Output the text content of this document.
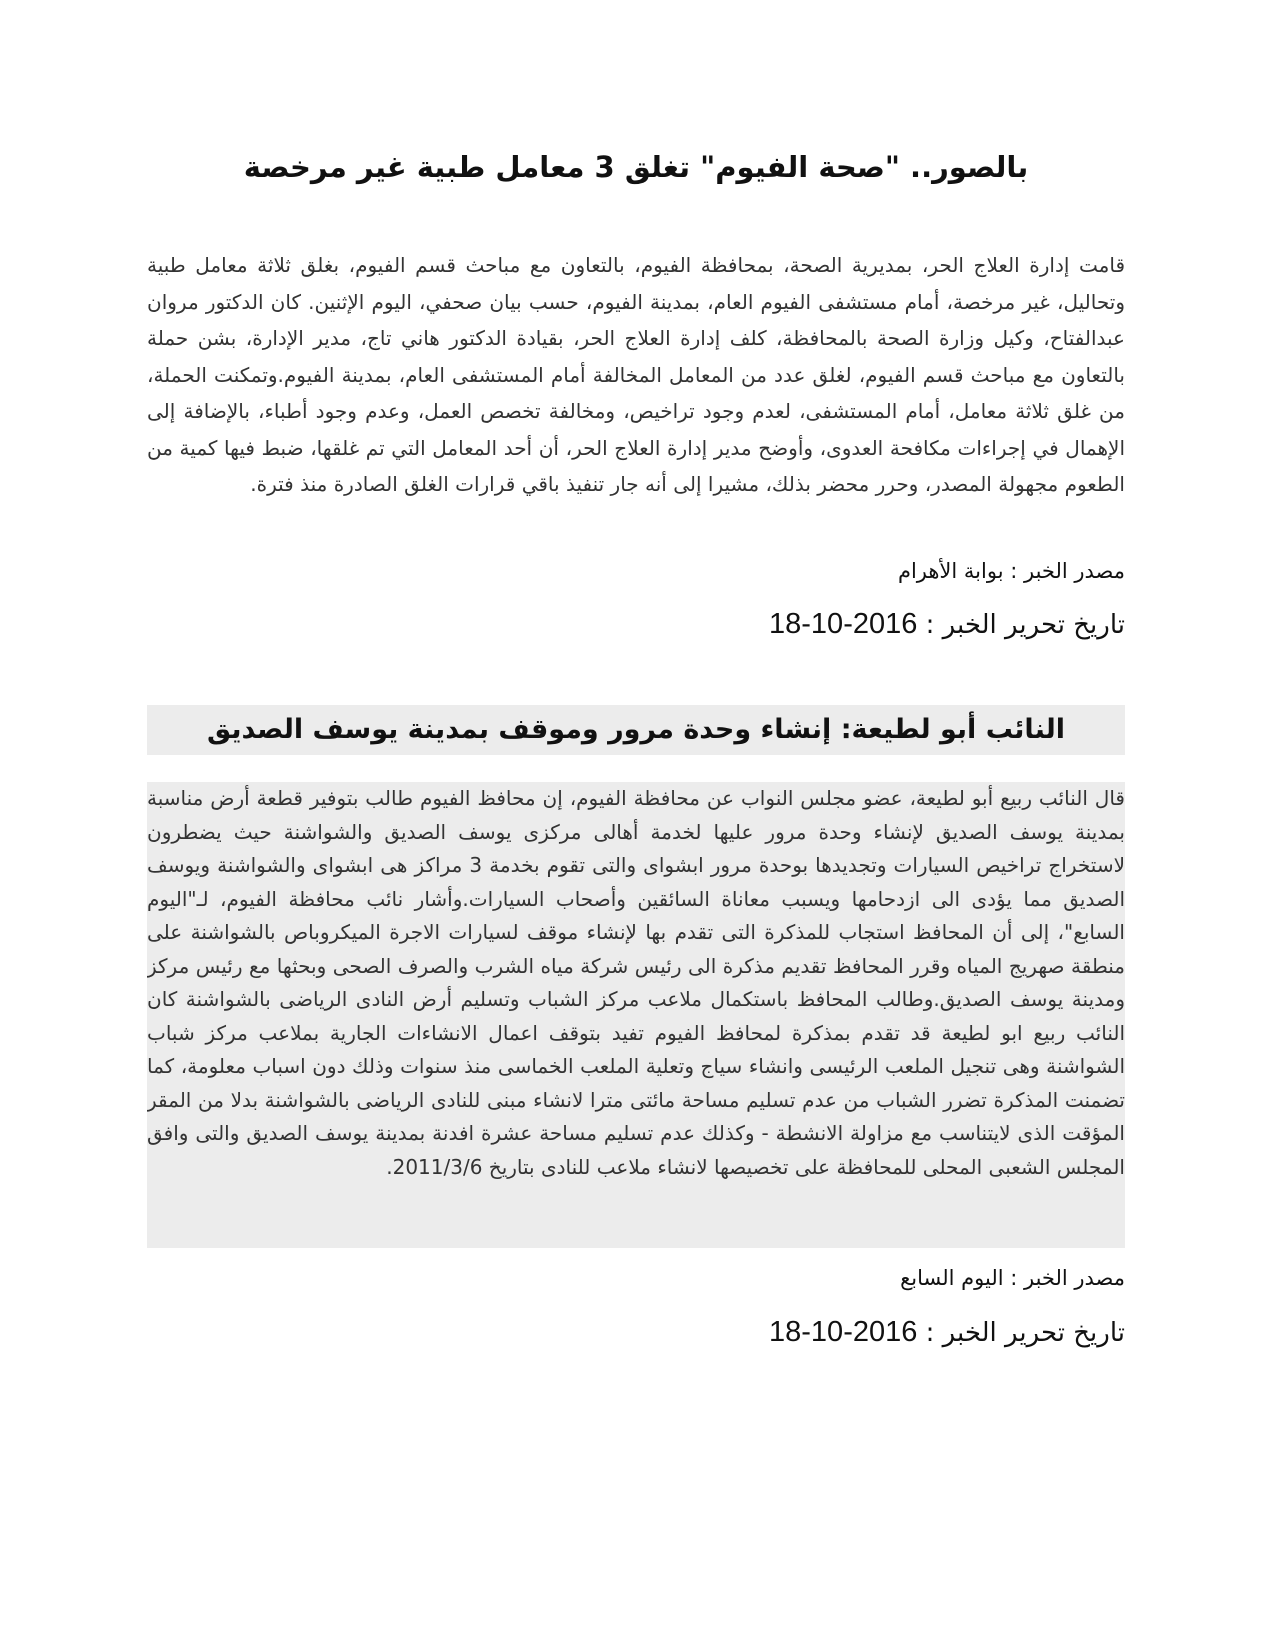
بالصور.. "صحة الفيوم" تغلق 3 معامل طبية غير مرخصة
قامت إدارة العلاج الحر، بمديرية الصحة، بمحافظة الفيوم، بالتعاون مع مباحث قسم الفيوم، بغلق ثلاثة معامل طبية وتحاليل، غير مرخصة، أمام مستشفى الفيوم العام، بمدينة الفيوم، حسب بيان صحفي، اليوم الإثنين. كان الدكتور مروان عبدالفتاح، وكيل وزارة الصحة بالمحافظة، كلف إدارة العلاج الحر، بقيادة الدكتور هاني تاج، مدير الإدارة، بشن حملة بالتعاون مع مباحث قسم الفيوم، لغلق عدد من المعامل المخالفة أمام المستشفى العام، بمدينة الفيوم.وتمكنت الحملة، من غلق ثلاثة معامل، أمام المستشفى، لعدم وجود تراخيص، ومخالفة تخصص العمل، وعدم وجود أطباء، بالإضافة إلى الإهمال في إجراءات مكافحة العدوى، وأوضح مدير إدارة العلاج الحر، أن أحد المعامل التي تم غلقها، ضبط فيها كمية من الطعوم مجهولة المصدر، وحرر محضر بذلك، مشيرا إلى أنه جار تنفيذ باقي قرارات الغلق الصادرة منذ فترة.
مصدر الخبر : بوابة الأهرام
تاريخ تحرير الخبر : 2016-10-18
النائب أبو لطيعة: إنشاء وحدة مرور وموقف بمدينة يوسف الصديق
قال النائب ربيع أبو لطيعة، عضو مجلس النواب عن محافظة الفيوم، إن محافظ الفيوم طالب بتوفير قطعة أرض مناسبة بمدينة يوسف الصديق لإنشاء وحدة مرور عليها لخدمة أهالى مركزى يوسف الصديق والشواشنة حيث يضطرون لاستخراج تراخيص السيارات وتجديدها بوحدة مرور ابشواى والتى تقوم بخدمة 3 مراكز هى ابشواى والشواشنة ويوسف الصديق مما يؤدى الى ازدحامها ويسبب معاناة السائقين وأصحاب السيارات.وأشار نائب محافظة الفيوم، لـ"اليوم السابع"، إلى أن المحافظ استجاب للمذكرة التى تقدم بها لإنشاء موقف لسيارات الاجرة الميكروباص بالشواشنة على منطقة صهريج المياه وقرر المحافظ تقديم مذكرة الى رئيس شركة مياه الشرب والصرف الصحى وبحثها مع رئيس مركز ومدينة يوسف الصديق.وطالب المحافظ باستكمال ملاعب مركز الشباب وتسليم أرض النادى الرياضى بالشواشنة كان النائب ربيع ابو لطيعة قد تقدم بمذكرة لمحافظ الفيوم تفيد بتوقف اعمال الانشاءات الجارية بملاعب مركز شباب الشواشنة وهى تنجيل الملعب الرئيسى وانشاء سياج وتعلية الملعب الخماسى منذ سنوات وذلك دون اسباب معلومة، كما تضمنت المذكرة تضرر الشباب من عدم تسليم مساحة مائتى مترا لانشاء مبنى للنادى الرياضى بالشواشنة بدلا من المقر المؤقت الذى لايتناسب مع مزاولة الانشطة - وكذلك عدم تسليم مساحة عشرة افدنة بمدينة يوسف الصديق والتى وافق المجلس الشعبى المحلى للمحافظة على تخصيصها لانشاء ملاعب للنادى بتاريخ 2011/3/6.
مصدر الخبر : اليوم السابع
تاريخ تحرير الخبر : 2016-10-18
